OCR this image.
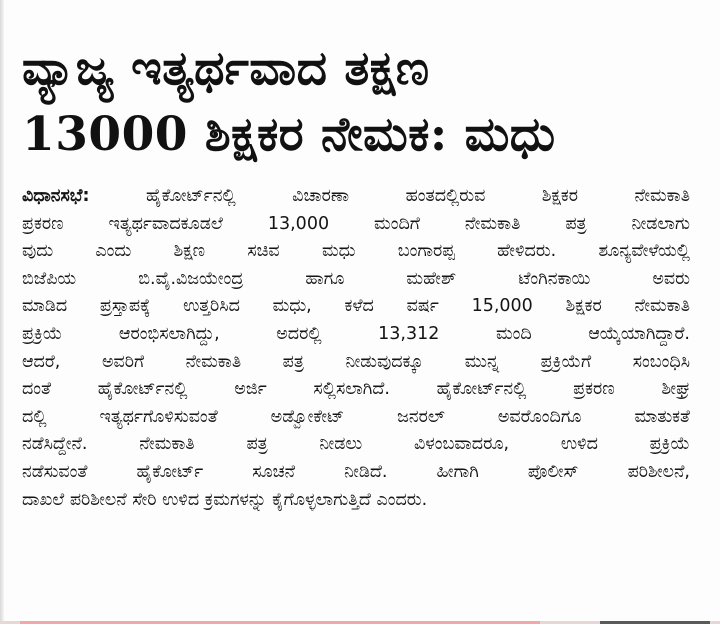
ವ್ಯಾಜ್ಯ ಇತ್ಯರ್ಥವಾದ ತಕ್ಷಣ
13000 ಶಿಕ್ಷಕರ ನೇಮಕ: ಮಧು
ವಿಧಾನಸಭೆ: ಹೈಕೋರ್ಟ್‌ನಲ್ಲಿ ವಿಚಾರಣಾ ಹಂತದಲ್ಲಿರುವ ಶಿಕ್ಷಕರ ನೇಮಕಾತಿ
ಪ್ರಕರಣ ಇತ್ಯರ್ಥವಾದಕೂಡಲೆ 13,000 ಮಂದಿಗೆ ನೇಮಕಾತಿ ಪತ್ರ ನೀಡಲಾಗು
ವುದು ಎಂದು ಶಿಕ್ಷಣ ಸಚಿವ ಮಧು ಬಂಗಾರಪ್ಪ ಹೇಳಿದರು. ಶೂನ್ಯವೇಳೆಯಲ್ಲಿ
ಬಿಜೆಪಿಯ ಬಿ.ವೈ.ವಿಜಯೇಂದ್ರ ಹಾಗೂ ಮಹೇಶ್ ಟೆಂಗಿನಕಾಯಿ ಅವರು
ಮಾಡಿದ ಪ್ರಸ್ತಾಪಕ್ಕೆ ಉತ್ತರಿಸಿದ ಮಧು, ಕಳೆದ ವರ್ಷ 15,000 ಶಿಕ್ಷಕರ ನೇಮಕಾತಿ
ಪ್ರಕ್ರಿಯೆ ಆರಂಭಿಸಲಾಗಿದ್ದು, ಅದರಲ್ಲಿ 13,312 ಮಂದಿ ಆಯ್ಕೆಯಾಗಿದ್ದಾರೆ.
ಆದರೆ, ಅವರಿಗೆ ನೇಮಕಾತಿ ಪತ್ರ ನೀಡುವುದಕ್ಕೂ ಮುನ್ನ ಪ್ರಕ್ರಿಯೆಗೆ ಸಂಬಂಧಿಸಿ
ದಂತೆ ಹೈಕೋರ್ಟ್‌ನಲ್ಲಿ ಅರ್ಜಿ ಸಲ್ಲಿಸಲಾಗಿದೆ. ಹೈಕೋರ್ಟ್‌ನಲ್ಲಿ ಪ್ರಕರಣ ಶೀಘ್ರ
ದಲ್ಲಿ ಇತ್ಯರ್ಥಗೊಳಿಸುವಂತೆ ಅಡ್ವೋಕೇಟ್ ಜನರಲ್ ಅವರೊಂದಿಗೂ ಮಾತುಕತೆ
ನಡೆಸಿದ್ದೇನೆ. ನೇಮಕಾತಿ ಪತ್ರ ನೀಡಲು ವಿಳಂಬವಾದರೂ, ಉಳಿದ ಪ್ರಕ್ರಿಯೆ
ನಡೆಸುವಂತೆ ಹೈಕೋರ್ಟ್ ಸೂಚನೆ ನೀಡಿದೆ. ಹೀಗಾಗಿ ಪೊಲೀಸ್ ಪರಿಶೀಲನೆ,
ದಾಖಲೆ ಪರಿಶೀಲನೆ ಸೇರಿ ಉಳಿದ ಕ್ರಮಗಳನ್ನು ಕೈಗೊಳ್ಳಲಾಗುತ್ತಿದೆ ಎಂದರು.
